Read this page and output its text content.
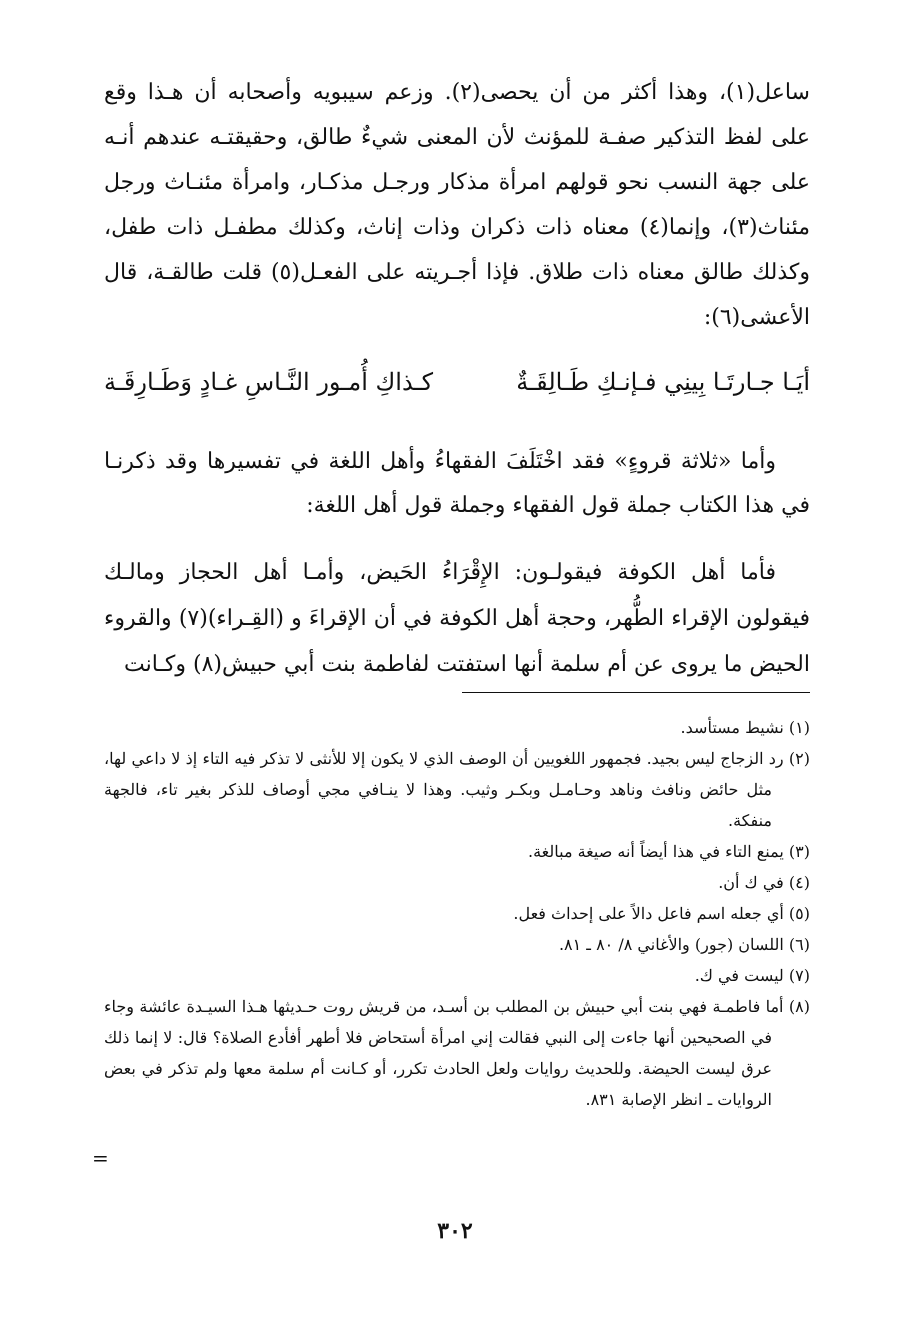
ساعل(١)، وهذا أكثر من أن يحصى(٢). وزعم سيبويه وأصحابه أن هـذا وقع على لفظ التذكير صفـة للمؤنث لأن المعنى شيءٌ طالق، وحقيقتـه عندهم أنـه على جهة النسب نحو قولهم امرأة مذكار ورجـل مذكـار، وامرأة مئنـاث ورجل مئناث(٣)، وإنما(٤) معناه ذات ذكران وذات إناث، وكذلك مطفـل ذات طفل، وكذلك طالق معناه ذات طلاق. فإذا أجـريته على الفعـل(٥) قلت طالقـة، قال الأعشى(٦):

أيَـا جـارتَـا بِينِي فـإنـكِ طَـالِقَـةٌ
كـذاكِ أُمـور النَّـاسِ غـادٍ وَطَـارِقَـة

وأما «ثلاثة قروءٍ» فقد اخْتَلَفَ الفقهاءُ وأهل اللغة في تفسيرها وقد ذكرنـا في هذا الكتاب جملة قول الفقهاء وجملة قول أهل اللغة:

فأما أهل الكوفة فيقولـون: الإِقْرَاءُ الحَيض، وأمـا أهل الحجاز ومالـك فيقولون الإقراء الطُّهر، وحجة أهل الكوفة في أن الإقراءَ و (القِـراء)(٧) والقروء الحيض ما يروى عن أم سلمة أنها استفتت لفاطمة بنت أبي حبيش(٨) وكـانت

(١) نشيط مستأسد.

(٢) رد الزجاج ليس بجيد. فجمهور اللغويين أن الوصف الذي لا يكون إلا للأنثى لا تذكر فيه التاء إذ لا داعي لها، مثل حائض ونافث وناهد وحـامـل وبكـر وثيب. وهذا لا ينـافي مجي أوصاف للذكر بغير تاء، فالجهة منفكة.

(٣) يمنع التاء في هذا أيضاً أنه صيغة مبالغة.

(٤) في ك أن.

(٥) أي جعله اسم فاعل دالاً على إحداث فعل.

(٦) اللسان (جور) والأغاني ٨/ ٨٠ ـ ٨١.

(٧) ليست في ك.

(٨) أما فاطمـة فهي بنت أبي حبيش بن المطلب بن أسـد، من قريش روت حـديثها هـذا السيـدة عائشة وجاء في الصحيحين أنها جاءت إلى النبي فقالت إني امرأة أستحاض فلا أطهر أفأدع الصلاة؟ قال: لا إنما ذلك عرق ليست الحيضة. وللحديث روايات ولعل الحادث تكرر، أو كـانت أم سلمة معها ولم تذكر في بعض الروايات ـ انظر الإصابة ٨٣١.

=
٣٠٢
